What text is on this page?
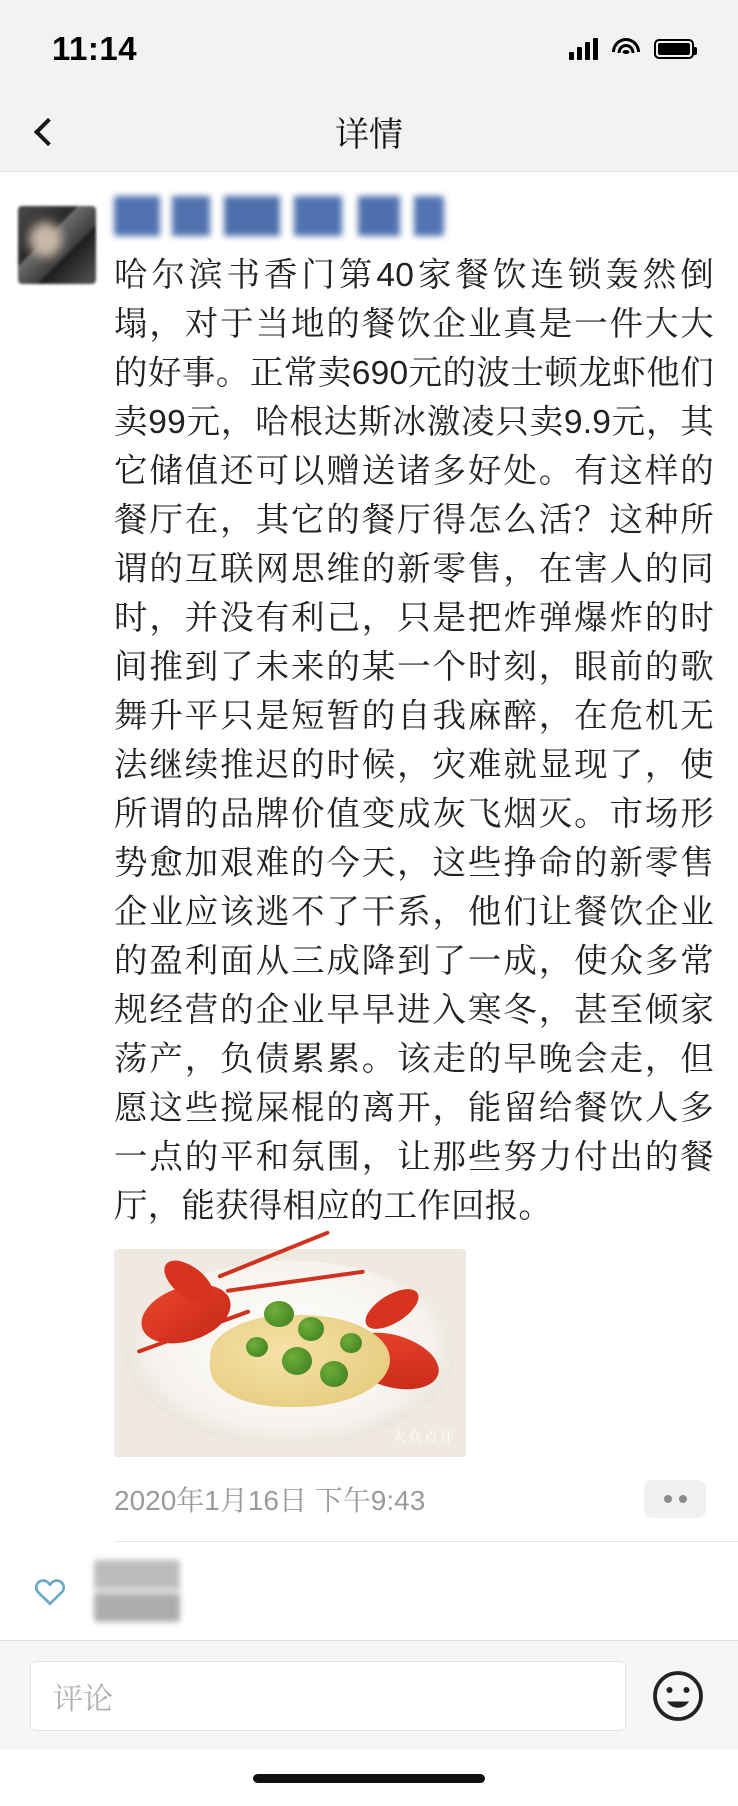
11:14
详情
哈尔滨书香门第40家餐饮连锁轰然倒塌，对于当地的餐饮企业真是一件大大的好事。正常卖690元的波士顿龙虾他们卖99元，哈根达斯冰激凌只卖9.9元，其它储值还可以赠送诸多好处。有这样的餐厅在，其它的餐厅得怎么活？这种所谓的互联网思维的新零售，在害人的同时，并没有利己，只是把炸弹爆炸的时间推到了未来的某一个时刻，眼前的歌舞升平只是短暂的自我麻醉，在危机无法继续推迟的时候，灾难就显现了，使所谓的品牌价值变成灰飞烟灭。市场形势愈加艰难的今天，这些挣命的新零售企业应该逃不了干系，他们让餐饮企业的盈利面从三成降到了一成，使众多常规经营的企业早早进入寒冬，甚至倾家荡产，负债累累。该走的早晚会走，但愿这些搅屎棍的离开，能留给餐饮人多一点的平和氛围，让那些努力付出的餐厅，能获得相应的工作回报。
大众点评
2020年1月16日 下午9:43
评论
